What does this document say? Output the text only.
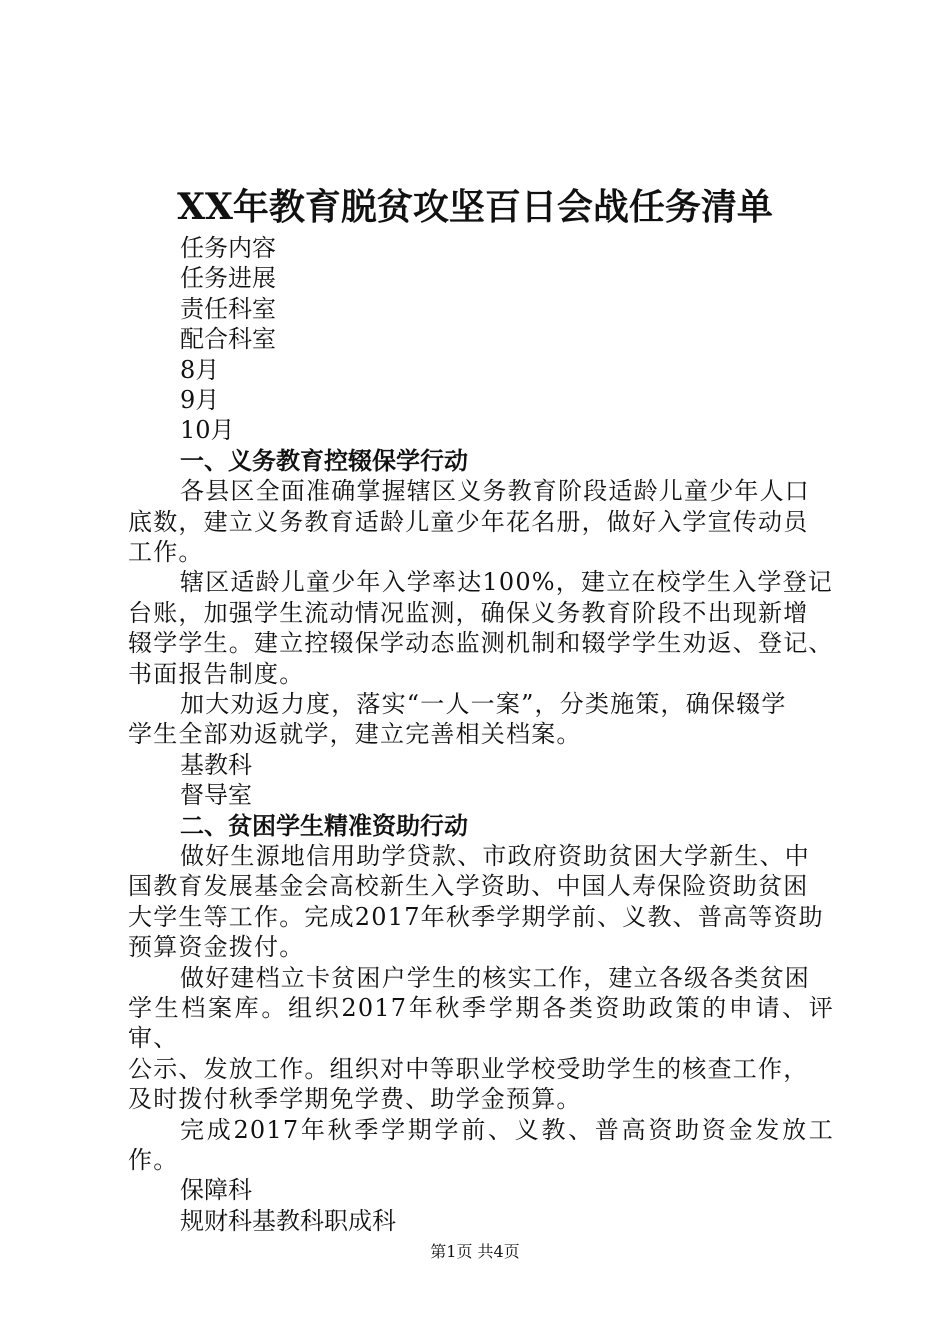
XX年教育脱贫攻坚百日会战任务清单
任务内容
任务进展
责任科室
配合科室
8月
9月
10月
一、义务教育控辍保学行动
各县区全面准确掌握辖区义务教育阶段适龄儿童少年人口
底数，建立义务教育适龄儿童少年花名册，做好入学宣传动员
工作。
辖区适龄儿童少年入学率达100%，建立在校学生入学登记
台账，加强学生流动情况监测，确保义务教育阶段不出现新增
辍学学生。建立控辍保学动态监测机制和辍学学生劝返、登记、
书面报告制度。
加大劝返力度，落实“一人一案”，分类施策，确保辍学
学生全部劝返就学，建立完善相关档案。
基教科
督导室
二、贫困学生精准资助行动
做好生源地信用助学贷款、市政府资助贫困大学新生、中
国教育发展基金会高校新生入学资助、中国人寿保险资助贫困
大学生等工作。完成2017年秋季学期学前、义教、普高等资助
预算资金拨付。
做好建档立卡贫困户学生的核实工作，建立各级各类贫困
学生档案库。组织2017年秋季学期各类资助政策的申请、评审、
公示、发放工作。组织对中等职业学校受助学生的核查工作，
及时拨付秋季学期免学费、助学金预算。
完成2017年秋季学期学前、义教、普高资助资金发放工作。
保障科
规财科基教科职成科
第1页 共4页
